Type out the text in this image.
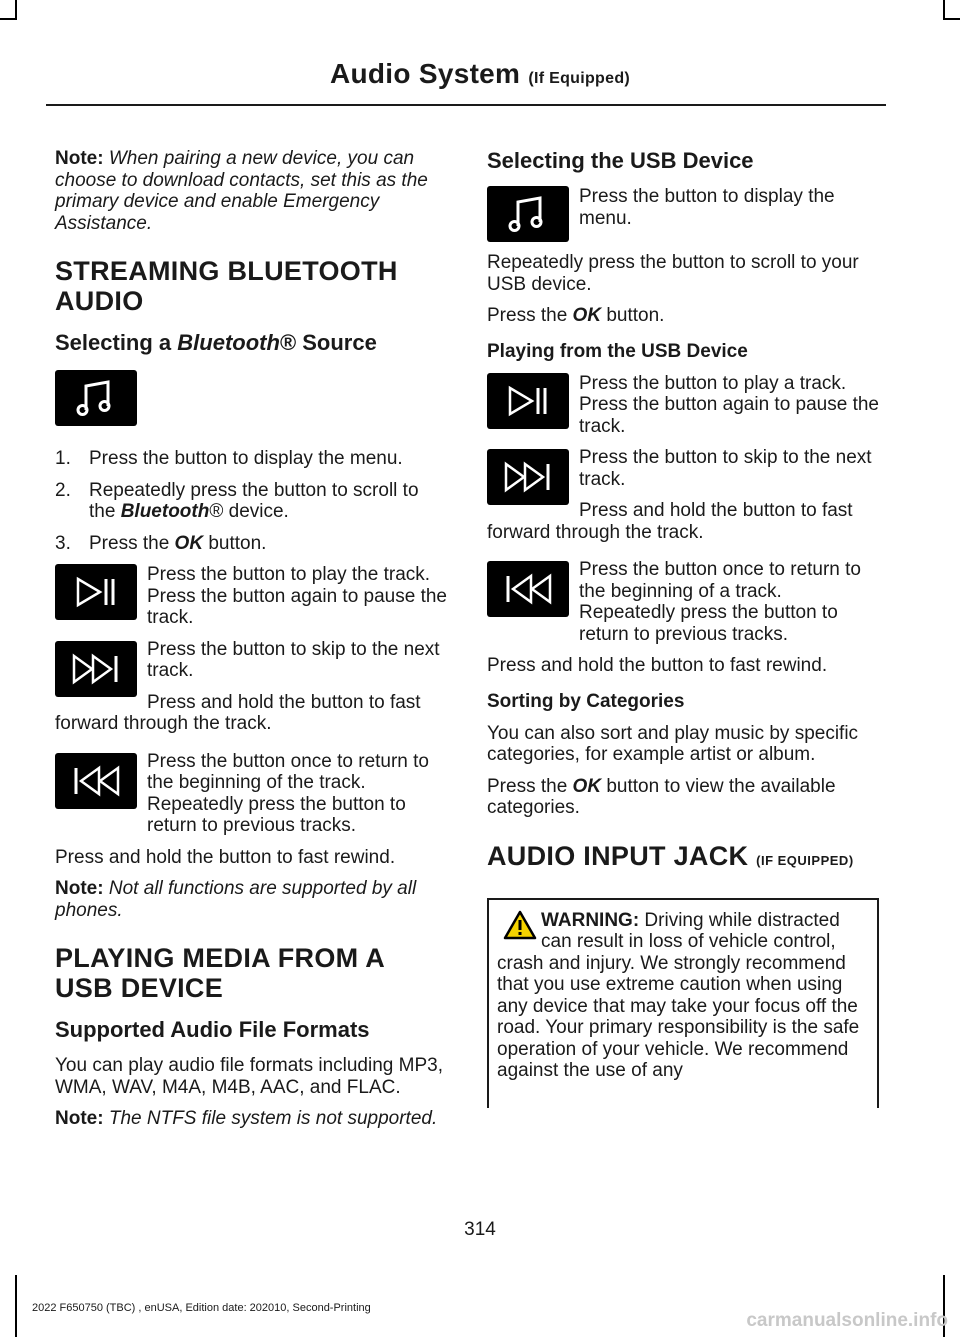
Audio System (If Equipped)

Note: When pairing a new device, you can choose to download contacts, set this as the primary device and enable Emergency Assistance.

STREAMING BLUETOOTH AUDIO
Selecting a Bluetooth® Source
1. Press the button to display the menu.
2. Repeatedly press the button to scroll to the Bluetooth® device.
3. Press the OK button.
Press the button to play the track. Press the button again to pause the track.

Press the button to skip to the next track.

Press and hold the button to fast forward through the track.

Press the button once to return to the beginning of the track. Repeatedly press the button to return to previous tracks.

Press and hold the button to fast rewind.

Note: Not all functions are supported by all phones.

PLAYING MEDIA FROM A USB DEVICE
Supported Audio File Formats

You can play audio file formats including MP3, WMA, WAV, M4A, M4B, AAC, and FLAC.

Note: The NTFS file system is not supported.

Selecting the USB Device
Press the button to display the menu.

Repeatedly press the button to scroll to your USB device.

Press the OK button.

Playing from the USB Device
Press the button to play a track. Press the button again to pause the track.

Press the button to skip to the next track.

Press and hold the button to fast forward through the track.

Press the button once to return to the beginning of a track. Repeatedly press the button to return to previous tracks.

Press and hold the button to fast rewind.

Sorting by Categories

You can also sort and play music by specific categories, for example artist or album.

Press the OK button to view the available categories.

AUDIO INPUT JACK (IF EQUIPPED)
WARNING: Driving while distracted can result in loss of vehicle control, crash and injury. We strongly recommend that you use extreme caution when using any device that may take your focus off the road. Your primary responsibility is the safe operation of your vehicle. We recommend against the use of any
314
2022 F650750 (TBC) , enUSA, Edition date: 202010, Second-Printing
carmanualsonline.info
